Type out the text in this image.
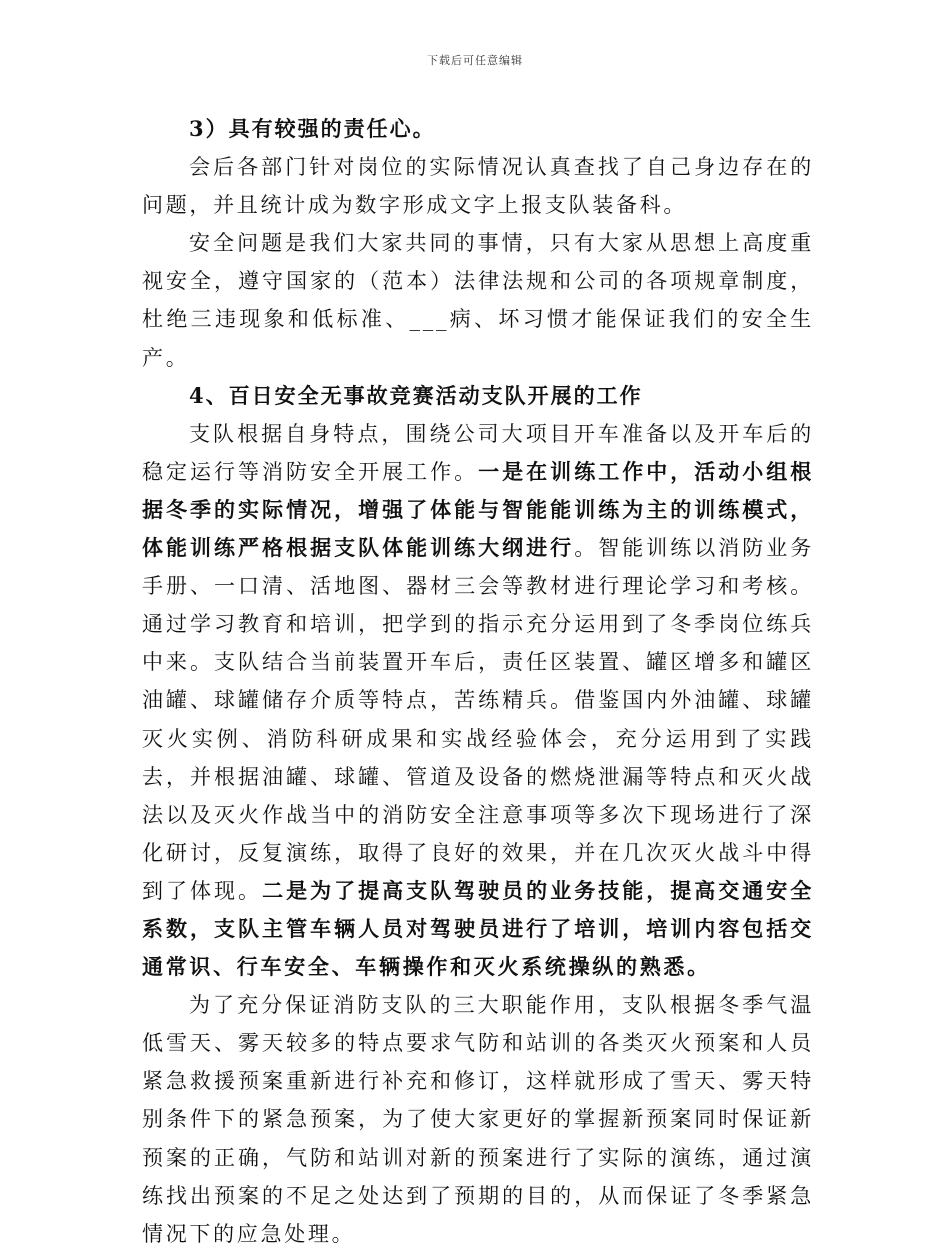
下载后可任意编辑

3）具有较强的责任心。

会后各部门针对岗位的实际情况认真查找了自己身边存在的问题，并且统计成为数字形成文字上报支队装备科。

安全问题是我们大家共同的事情，只有大家从思想上高度重视安全，遵守国家的（范本）法律法规和公司的各项规章制度，杜绝三违现象和低标准、___病、坏习惯才能保证我们的安全生产。

4、百日安全无事故竞赛活动支队开展的工作

支队根据自身特点，围绕公司大项目开车准备以及开车后的稳定运行等消防安全开展工作。一是在训练工作中，活动小组根据冬季的实际情况，增强了体能与智能能训练为主的训练模式，体能训练严格根据支队体能训练大纲进行。智能训练以消防业务手册、一口清、活地图、器材三会等教材进行理论学习和考核。通过学习教育和培训，把学到的指示充分运用到了冬季岗位练兵中来。支队结合当前装置开车后，责任区装置、罐区增多和罐区油罐、球罐储存介质等特点，苦练精兵。借鉴国内外油罐、球罐灭火实例、消防科研成果和实战经验体会，充分运用到了实践去，并根据油罐、球罐、管道及设备的燃烧泄漏等特点和灭火战法以及灭火作战当中的消防安全注意事项等多次下现场进行了深化研讨，反复演练，取得了良好的效果，并在几次灭火战斗中得到了体现。二是为了提高支队驾驶员的业务技能，提高交通安全系数，支队主管车辆人员对驾驶员进行了培训，培训内容包括交通常识、行车安全、车辆操作和灭火系统操纵的熟悉。

为了充分保证消防支队的三大职能作用，支队根据冬季气温低雪天、雾天较多的特点要求气防和站训的各类灭火预案和人员紧急救援预案重新进行补充和修订，这样就形成了雪天、雾天特别条件下的紧急预案，为了使大家更好的掌握新预案同时保证新预案的正确，气防和站训对新的预案进行了实际的演练，通过演练找出预案的不足之处达到了预期的目的，从而保证了冬季紧急情况下的应急处理。
